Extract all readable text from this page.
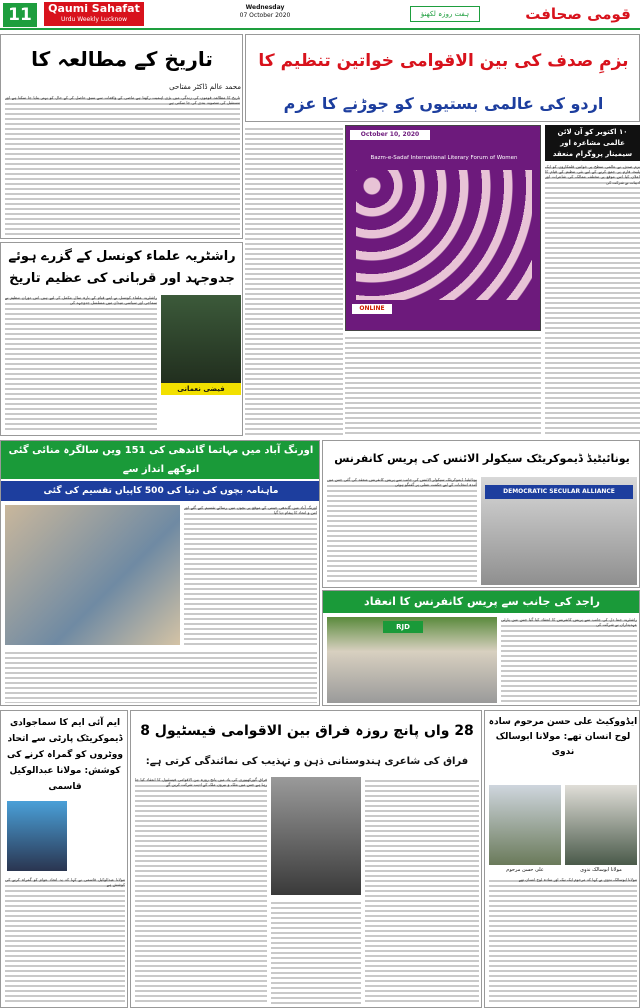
11	Qaumi Sahafat
Urdu Weekly Lucknow
Wednesday
07 October 2020	ہفت روزہ لکھنؤ	قومی صحافت
تاریخ کے مطالعہ کا
محمد عالم ڈاکٹر مفتاحی
تاریخ کا مطالعہ قوموں کی زندگی میں بڑی اہمیت رکھتا ہے ماضی کے واقعات سے سبق حاصل کر کے حال کو بہتر بنایا جا سکتا ہے اور مستقبل کی منصوبہ بندی کی جا سکتی ہے
بزمِ صدف کی بین الاقوامی خواتین تنظیم کا
اردو کی عالمی بستیوں کو جوڑنے کا عزم
October 10, 2020
Bazm-e-Sadaf International Literary Forum of Women
ONLINE
۱۰ اکتوبر کو آن لائن عالمی مشاعرہ اور سیمینار پروگرام منعقد
بزم صدف نے عالمی سطح پر خواتین قلمکاروں کو ایک پلیٹ فارم پر جمع کرنے کے لیے نئی تنظیم کے قیام کا اعلان کیا اس موقع پر مختلف ممالک کی شاعرات اور ادیبات نے شرکت کی
راشٹریہ علماء کونسل کے گزرے ہوئے
جدوجہد اور قربانی کی عظیم تاریخ
فیضی نعمانی
راشٹریہ علماء کونسل نے اپنے قیام کے بارہ سال مکمل کر لیے ہیں اس دوران تنظیم نے سماجی اور سیاسی میدان میں مسلسل جدوجہد کی
اورنگ آباد میں مہاتما گاندھی کی 151 ویں سالگرہ منائی گئی انوکھے انداز سے
ماہنامہ بچوں کی دنیا کی 500 کاپیاں تقسیم کی گئی
اورنگ آباد میں گاندھی جینتی کے موقع پر بچوں میں رسالے تقسیم کیے گئے اور امن و اتحاد کا پیغام دیا گیا
یونائیٹیڈ ڈیموکریٹک سیکولر الائنس کی پریس کانفرنس
یونائیٹیڈ ڈیموکریٹک سیکولر الائنس کی جانب سے پریس کانفرنس منعقد کی گئی جس میں آئندہ انتخابات کے لیے حکمت عملی پر گفتگو ہوئی
DEMOCRATIC SECULAR ALLIANCE
راجد کی جانب سے پریس کانفرنس کا انعقاد
RJD
راشٹریہ جنتا دل کی جانب سے پریس کانفرنس کا انعقاد کیا گیا جس میں پارٹی عہدیداران نے شرکت کی
ایم آئی ایم کا سماجوادی ڈیموکریٹک پارٹی سے اتحاد ووٹروں کو گمراہ کرنے کی کوشش: مولانا عبدالوکیل قاسمی
مولانا عبدالوکیل قاسمی نے کہا کہ یہ اتحاد عوام کو گمراہ کرنے کی کوشش ہے
28 واں پانچ روزہ فراق بین الاقوامی فیسٹیول 8
فراق کی شاعری ہندوستانی ذہن و تہذیب کی نمائندگی کرتی ہے:
فراق گورکھپوری کی یاد میں پانچ روزہ بین الاقوامی فیسٹیول کا انعقاد کیا جا رہا ہے جس میں ملک و بیرون ملک کے ادیب شرکت کریں گے
ایڈووکیٹ علی حسن مرحوم سادہ لوح انسان تھے: مولانا ابوسالک ندوی
علی حسن مرحوم	مولانا ابوسالک ندوی
مولانا ابوسالک ندوی نے کہا کہ مرحوم ایک نیک اور سادہ لوح انسان تھے
